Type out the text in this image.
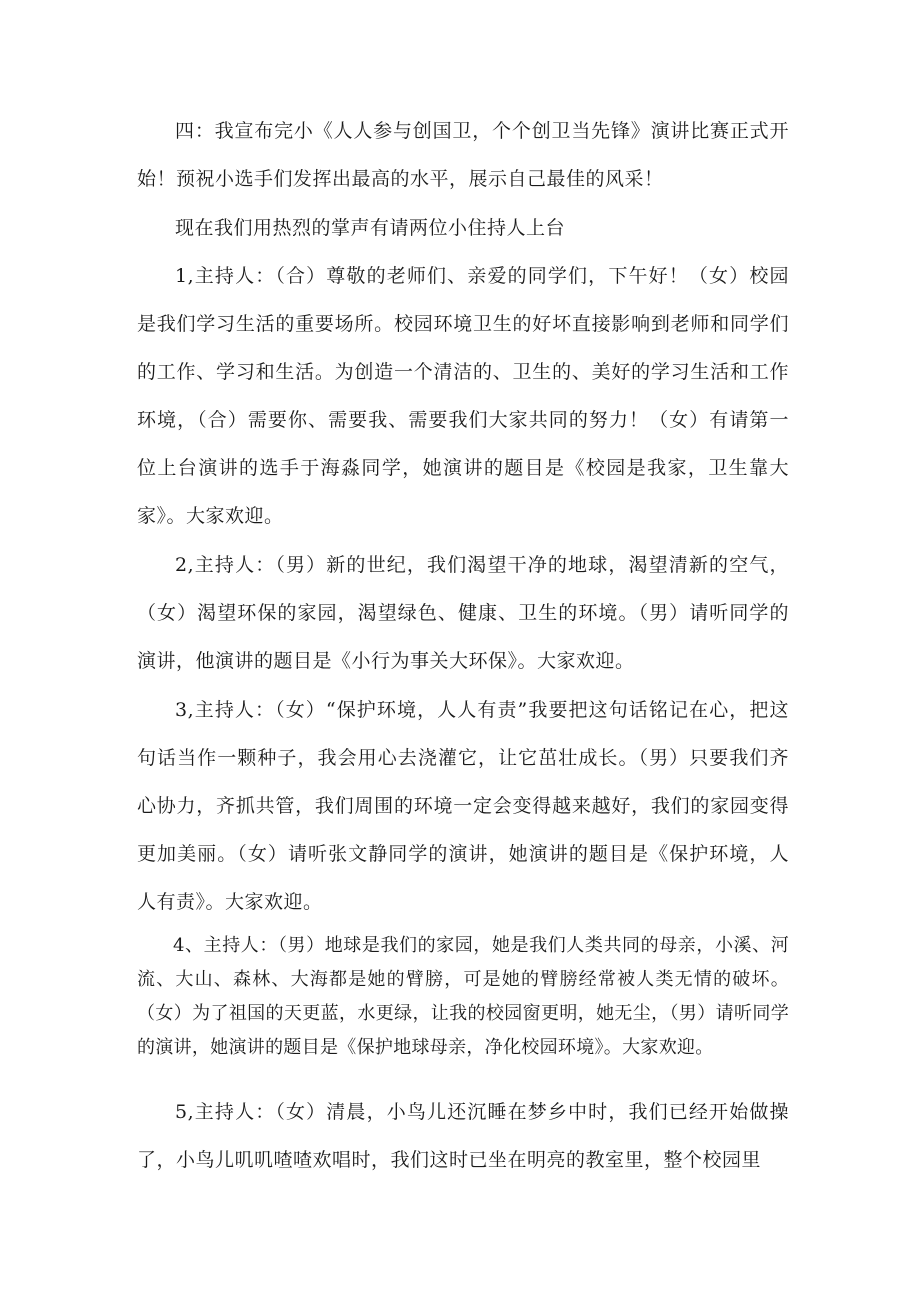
四：我宣布完小《人人参与创国卫，个个创卫当先锋》演讲比赛正式开始！预祝小选手们发挥出最高的水平，展示自己最佳的风采！

现在我们用热烈的掌声有请两位小住持人上台

1,主持人：（合）尊敬的老师们、亲爱的同学们，下午好！（女）校园是我们学习生活的重要场所。校园环境卫生的好坏直接影响到老师和同学们的工作、学习和生活。为创造一个清洁的、卫生的、美好的学习生活和工作环境，（合）需要你、需要我、需要我们大家共同的努力！（女）有请第一位上台演讲的选手于海淼同学，她演讲的题目是《校园是我家，卫生靠大家》。大家欢迎。

2,主持人：（男）新的世纪，我们渴望干净的地球，渴望清新的空气，（女）渴望环保的家园，渴望绿色、健康、卫生的环境。（男）请听同学的演讲，他演讲的题目是《小行为事关大环保》。大家欢迎。

3,主持人：（女）“保护环境，人人有责”我要把这句话铭记在心，把这句话当作一颗种子，我会用心去浇灌它，让它茁壮成长。（男）只要我们齐心协力，齐抓共管，我们周围的环境一定会变得越来越好，我们的家园变得更加美丽。（女）请听张文静同学的演讲，她演讲的题目是《保护环境，人人有责》。大家欢迎。

4、主持人：（男）地球是我们的家园，她是我们人类共同的母亲，小溪、河流、大山、森林、大海都是她的臂膀，可是她的臂膀经常被人类无情的破坏。（女）为了祖国的天更蓝，水更绿，让我的校园窗更明，她无尘，（男）请听同学的演讲，她演讲的题目是《保护地球母亲，净化校园环境》。大家欢迎。

5,主持人：（女）清晨，小鸟儿还沉睡在梦乡中时，我们已经开始做操了，小鸟儿叽叽喳喳欢唱时，我们这时已坐在明亮的教室里，整个校园里
